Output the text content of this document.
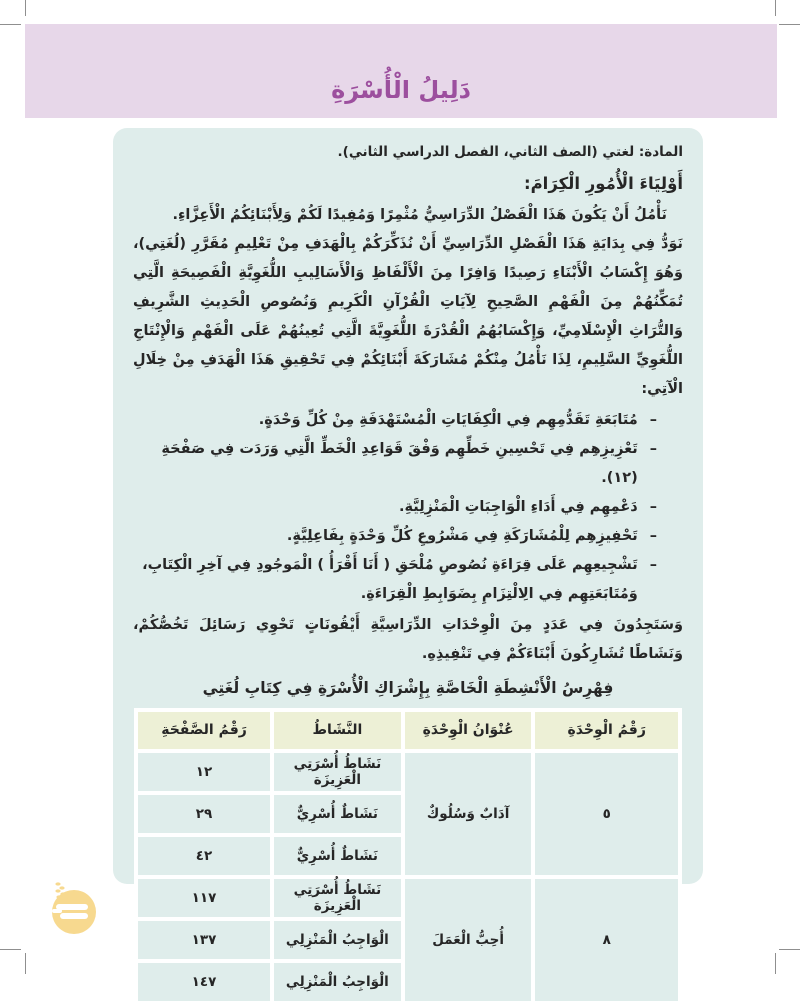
دَلِيلُ الْأُسْرَةِ
المادة: لغتي (الصف الثاني، الفصل الدراسي الثاني).
أَوْلِيَاءَ الْأُمُورِ الْكِرَامَ:
نَأْمُلُ أَنْ يَكُونَ هَذَا الْفَصْلُ الدِّرَاسِيُّ مُثْمِرًا وَمُفِيدًا لَكُمْ وَلِأَبْنَائِكُمُ الْأَعِزَّاءِ.
نَوَدُّ فِي بِدَايَةِ هَذَا الْفَصْلِ الدِّرَاسِيِّ أَنْ نُذَكِّرَكُمْ بِالْهَدَفِ مِنْ تَعْلِيمِ مُقَرَّرِ (لُغَتِي)، وَهُوَ إِكْسَابُ الْأَبْنَاءِ رَصِيدًا وَافِرًا مِنَ الْأَلْفَاظِ وَالْأَسَالِيبِ اللُّغَوِيَّةِ الْفَصِيحَةِ الَّتِي تُمَكِّنُهُمْ مِنَ الْفَهْمِ الصَّحِيحِ لِآيَاتِ الْقُرْآنِ الْكَرِيمِ وَنُصُوصِ الْحَدِيثِ الشَّرِيفِ وَالتُّرَاثِ الْإِسْلَامِيِّ، وَإِكْسَابُهُمُ الْقُدْرَةَ اللُّغَوِيَّةَ الَّتِي تُعِينُهُمْ عَلَى الْفَهْمِ وَالْإِنْتَاجِ اللُّغَوِيِّ السَّلِيمِ، لِذَا نَأْمُلُ مِنْكُمْ مُشَارَكَةَ أَبْنَائِكُمْ فِي تَحْقِيقِ هَذَا الْهَدَفِ مِنْ خِلَالِ الْآتِي:
–
مُتَابَعَةِ تَقَدُّمِهِم فِي الْكِفَايَاتِ الْمُسْتَهْدَفَةِ مِنْ كُلِّ وَحْدَةٍ.
–
تَعْزِيزِهِم فِي تَحْسِينِ خَطِّهِم وَفْقَ قَوَاعِدِ الْخَطِّ الَّتِي وَرَدَت فِي صَفْحَةِ (١٢).
–
دَعْمِهِم فِي أَدَاءِ الْوَاجِبَاتِ الْمَنْزِلِيَّةِ.
–
تَحْفِيزِهِم لِلْمُشَارَكَةِ فِي مَشْرُوعِ كُلِّ وَحْدَةٍ بِفَاعِلِيَّةٍ.
–
تَشْجِيعِهِم عَلَى قِرَاءَةِ نُصُوصِ مُلْحَقِ ( أَنَا أَقْرَأُ ) الْمَوجُودِ فِي آخِرِ الْكِتَابِ، وَمُتَابَعَتِهِم فِي الِالْتِزَامِ بِضَوَابِطِ الْقِرَاءَةِ.
وَسَتَجِدُونَ فِي عَدَدٍ مِنَ الْوِحْدَاتِ الدِّرَاسِيَّةِ أَيْقُونَاتٍ تَحْوِي رَسَائِلَ تَخُصُّكُمْ، وَنَشَاطًا تُشَارِكُونَ أَبْنَاءَكُمْ فِي تَنْفِيذِهِ.
فِهْرِسُ الْأَنْشِطَةِ الْخَاصَّةِ بِإِشْرَاكِ الْأُسْرَةِ فِي كِتَابِ لُغَتِي
رَقْمُ الْوِحْدَةِ	عُنْوَانُ الْوِحْدَةِ	النَّشَاطُ	رَقْمُ الصَّفْحَةِ
٥	آدَابٌ وَسُلُوكٌ	نَشَاطُ أُسْرَتِي الْعَزِيزَة	١٢
		نَشَاطٌ أُسْرِيٌّ	٢٩
		نَشَاطٌ أُسْرِيٌّ	٤٢
٨	أُحِبُّ الْعَمَلَ	نَشَاطُ أُسْرَتِي الْعَزِيزَة	١١٧
		الْوَاجِبُ الْمَنْزِلِي	١٣٧
		الْوَاجِبُ الْمَنْزِلِي	١٤٧
